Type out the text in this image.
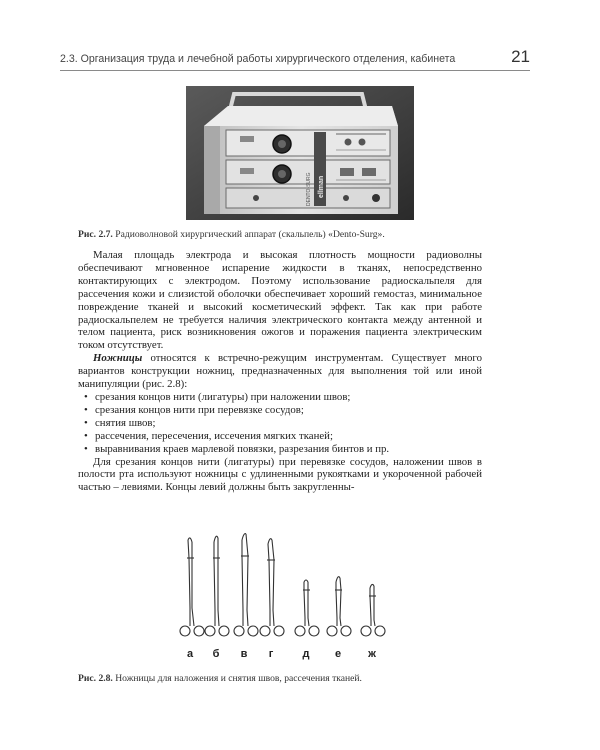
2.3. Организация труда и лечебной работы хирургического отделения, кабинета	21
ellman
DENTO-SURG
Рис. 2.7. Радиоволновой хирургический аппарат (скальпель) «Dento-Surg».

Малая площадь электрода и высокая плотность мощности радиоволны обеспечивают мгновенное испарение жидкости в тканях, непосредственно контактирующих с электродом. Поэтому использование радиоскальпеля для рассечения кожи и слизистой оболочки обеспечивает хороший гемостаз, минимальное повреждение тканей и высокий косметический эффект. Так как при работе радиоскальпелем не требуется наличия электрического контакта между антенной и телом пациента, риск возникновения ожогов и поражения пациента электрическим током отсутствует.

Ножницы относятся к встречно-режущим инструментам. Существует много вариантов конструкции ножниц, предназначенных для выполнения той или иной манипуляции (рис. 2.8):

• срезания концов нити (лигатуры) при наложении швов;
• срезания концов нити при перевязке сосудов;
• снятия швов;
• рассечения, пересечения, иссечения мягких тканей;
• выравнивания краев марлевой повязки, разрезания бинтов и пр.

Для срезания концов нити (лигатуры) при перевязке сосудов, наложении швов в полости рта используют ножницы с удлиненными рукоятками и укороченной рабочей частью – левиями. Концы левий должны быть закругленны-

а б в г	д е ж
Рис. 2.8. Ножницы для наложения и снятия швов, рассечения тканей.
